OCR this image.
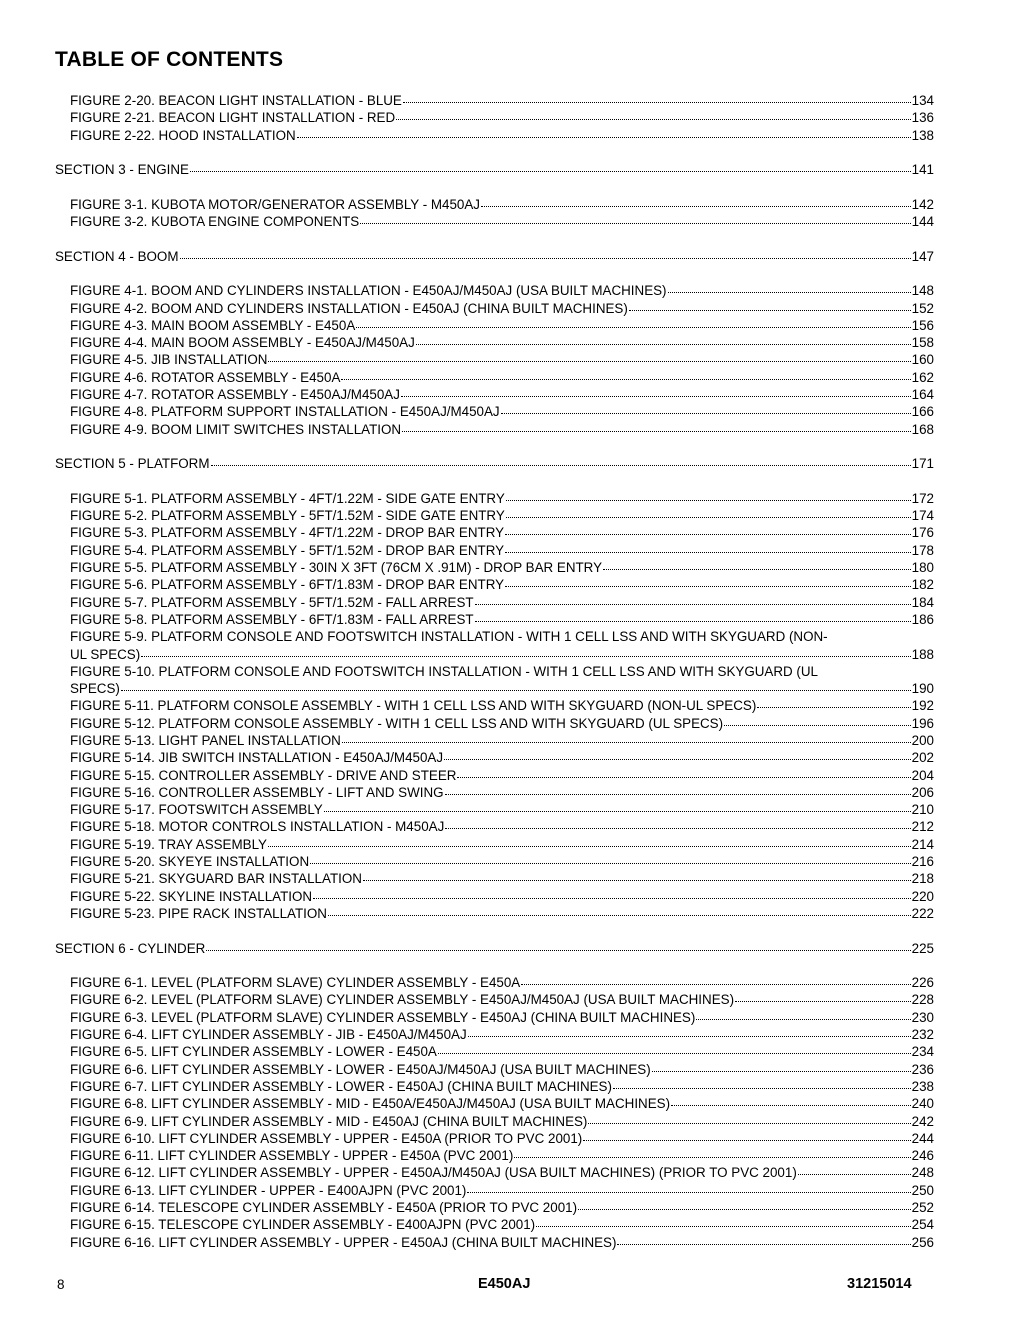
TABLE OF CONTENTS
FIGURE 2-20. BEACON LIGHT INSTALLATION - BLUE	134
FIGURE 2-21. BEACON LIGHT INSTALLATION - RED	136
FIGURE 2-22. HOOD INSTALLATION	138
SECTION 3 - ENGINE	141
FIGURE 3-1. KUBOTA MOTOR/GENERATOR ASSEMBLY - M450AJ	142
FIGURE 3-2. KUBOTA ENGINE COMPONENTS	144
SECTION 4 - BOOM	147
FIGURE 4-1. BOOM AND CYLINDERS INSTALLATION - E450AJ/M450AJ (USA BUILT MACHINES)	148
FIGURE 4-2. BOOM AND CYLINDERS INSTALLATION - E450AJ (CHINA BUILT MACHINES)	152
FIGURE 4-3. MAIN BOOM ASSEMBLY - E450A	156
FIGURE 4-4. MAIN BOOM ASSEMBLY - E450AJ/M450AJ	158
FIGURE 4-5. JIB INSTALLATION	160
FIGURE 4-6. ROTATOR ASSEMBLY - E450A	162
FIGURE 4-7. ROTATOR ASSEMBLY - E450AJ/M450AJ	164
FIGURE 4-8. PLATFORM SUPPORT INSTALLATION - E450AJ/M450AJ	166
FIGURE 4-9. BOOM LIMIT SWITCHES INSTALLATION	168
SECTION 5 - PLATFORM	171
FIGURE 5-1. PLATFORM ASSEMBLY - 4FT/1.22M - SIDE GATE ENTRY	172
FIGURE 5-2. PLATFORM ASSEMBLY - 5FT/1.52M - SIDE GATE ENTRY	174
FIGURE 5-3. PLATFORM ASSEMBLY - 4FT/1.22M - DROP BAR ENTRY	176
FIGURE 5-4. PLATFORM ASSEMBLY - 5FT/1.52M - DROP BAR ENTRY	178
FIGURE 5-5. PLATFORM ASSEMBLY - 30IN X 3FT (76CM X .91M) - DROP BAR ENTRY	180
FIGURE 5-6. PLATFORM ASSEMBLY - 6FT/1.83M - DROP BAR ENTRY	182
FIGURE 5-7. PLATFORM ASSEMBLY - 5FT/1.52M - FALL ARREST	184
FIGURE 5-8. PLATFORM ASSEMBLY - 6FT/1.83M - FALL ARREST	186
FIGURE 5-9. PLATFORM CONSOLE AND FOOTSWITCH INSTALLATION - WITH 1 CELL LSS AND WITH SKYGUARD (NON-
UL SPECS)	188
FIGURE 5-10. PLATFORM CONSOLE AND FOOTSWITCH INSTALLATION - WITH 1 CELL LSS AND WITH SKYGUARD (UL
SPECS)	190
FIGURE 5-11. PLATFORM CONSOLE ASSEMBLY - WITH 1 CELL LSS AND WITH SKYGUARD (NON-UL SPECS)	192
FIGURE 5-12. PLATFORM CONSOLE ASSEMBLY - WITH 1 CELL LSS AND WITH SKYGUARD (UL SPECS)	196
FIGURE 5-13. LIGHT PANEL INSTALLATION	200
FIGURE 5-14. JIB SWITCH INSTALLATION - E450AJ/M450AJ	202
FIGURE 5-15. CONTROLLER ASSEMBLY - DRIVE AND STEER	204
FIGURE 5-16. CONTROLLER ASSEMBLY - LIFT AND SWING	206
FIGURE 5-17. FOOTSWITCH ASSEMBLY	210
FIGURE 5-18. MOTOR CONTROLS INSTALLATION - M450AJ	212
FIGURE 5-19. TRAY ASSEMBLY	214
FIGURE 5-20. SKYEYE INSTALLATION	216
FIGURE 5-21. SKYGUARD BAR INSTALLATION	218
FIGURE 5-22. SKYLINE INSTALLATION	220
FIGURE 5-23. PIPE RACK INSTALLATION	222
SECTION 6 - CYLINDER	225
FIGURE 6-1. LEVEL (PLATFORM SLAVE) CYLINDER ASSEMBLY - E450A	226
FIGURE 6-2. LEVEL (PLATFORM SLAVE) CYLINDER ASSEMBLY - E450AJ/M450AJ (USA BUILT MACHINES)	228
FIGURE 6-3. LEVEL (PLATFORM SLAVE) CYLINDER ASSEMBLY - E450AJ (CHINA BUILT MACHINES)	230
FIGURE 6-4. LIFT CYLINDER ASSEMBLY - JIB - E450AJ/M450AJ	232
FIGURE 6-5. LIFT CYLINDER ASSEMBLY - LOWER - E450A	234
FIGURE 6-6. LIFT CYLINDER ASSEMBLY - LOWER - E450AJ/M450AJ (USA BUILT MACHINES)	236
FIGURE 6-7. LIFT CYLINDER ASSEMBLY - LOWER - E450AJ (CHINA BUILT MACHINES)	238
FIGURE 6-8. LIFT CYLINDER ASSEMBLY - MID - E450A/E450AJ/M450AJ (USA BUILT MACHINES)	240
FIGURE 6-9. LIFT CYLINDER ASSEMBLY - MID - E450AJ (CHINA BUILT MACHINES)	242
FIGURE 6-10. LIFT CYLINDER ASSEMBLY - UPPER - E450A (PRIOR TO PVC 2001)	244
FIGURE 6-11. LIFT CYLINDER ASSEMBLY - UPPER - E450A (PVC 2001)	246
FIGURE 6-12. LIFT CYLINDER ASSEMBLY - UPPER - E450AJ/M450AJ (USA BUILT MACHINES) (PRIOR TO PVC 2001)	248
FIGURE 6-13. LIFT CYLINDER - UPPER - E400AJPN (PVC 2001)	250
FIGURE 6-14. TELESCOPE CYLINDER ASSEMBLY - E450A (PRIOR TO PVC 2001)	252
FIGURE 6-15. TELESCOPE CYLINDER ASSEMBLY - E400AJPN (PVC 2001)	254
FIGURE 6-16. LIFT CYLINDER ASSEMBLY - UPPER - E450AJ (CHINA BUILT MACHINES)	256
8	E450AJ	31215014
